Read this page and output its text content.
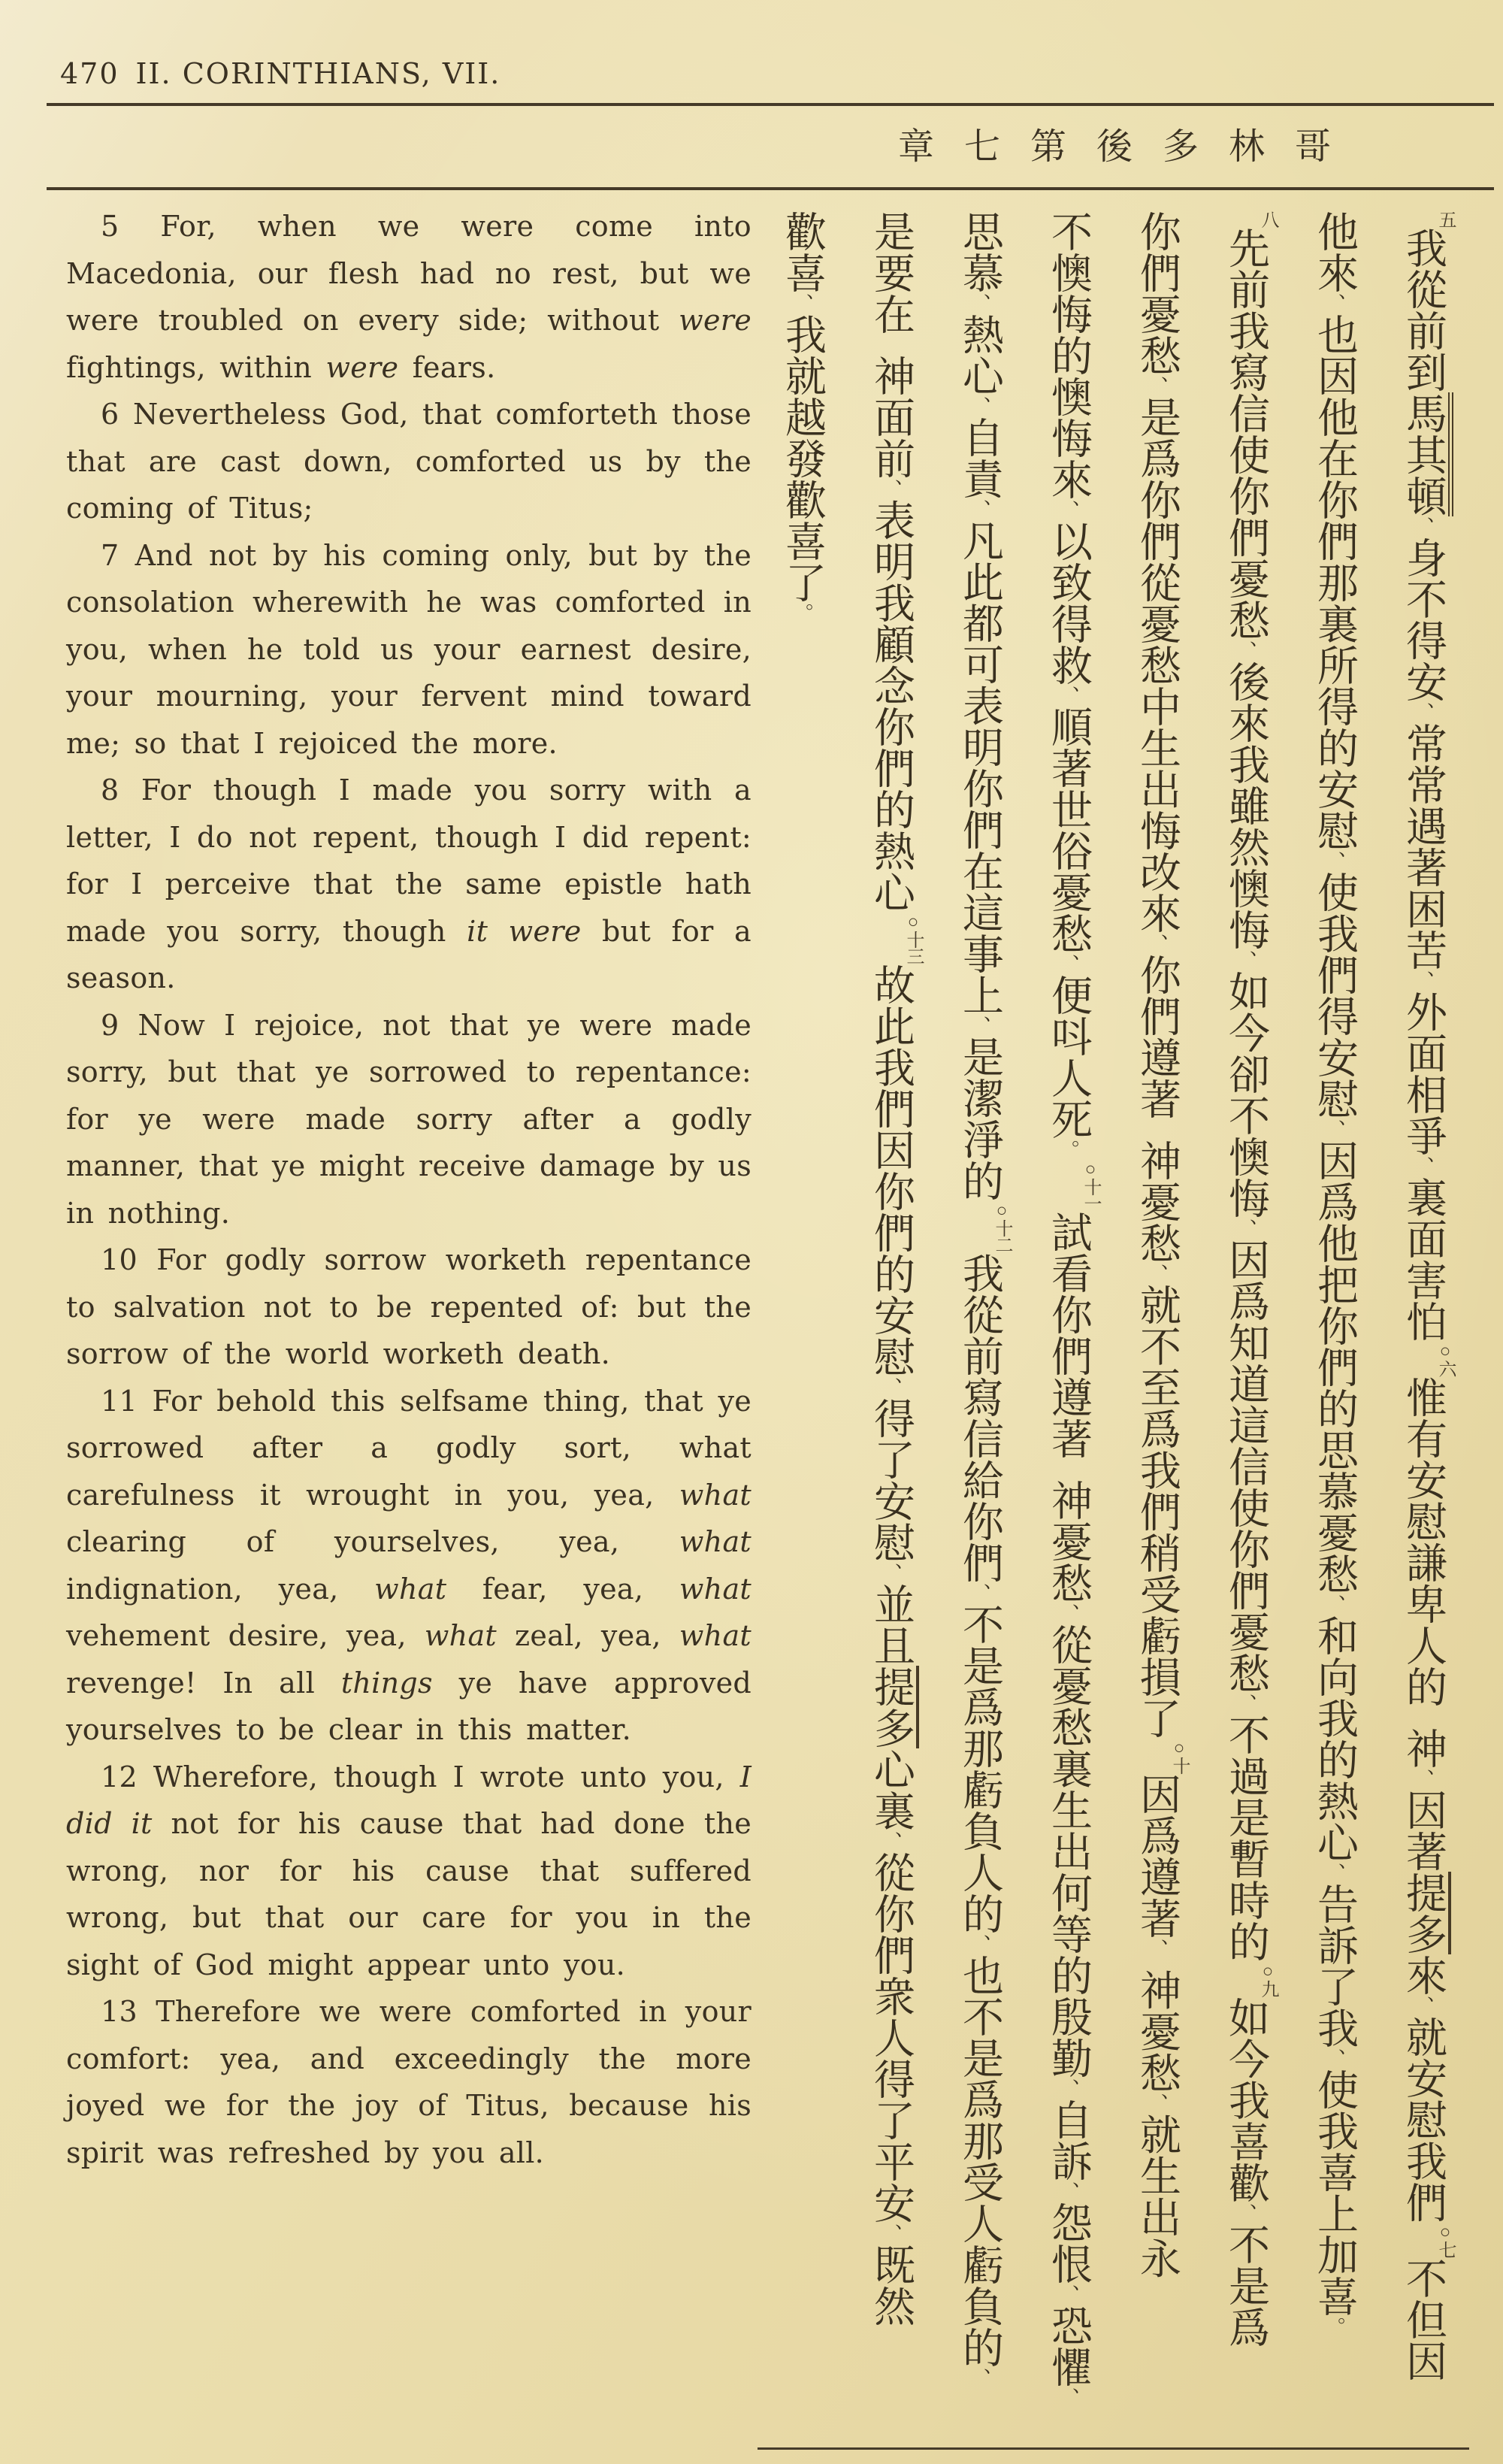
470 II. CORINTHIANS, VII.
章七第後多林哥

5 For, when we were come into Macedonia, our flesh had no rest, but we were troubled on every side; without were fightings, within were fears.

6 Nevertheless God, that comforteth those that are cast down, comforted us by the coming of Titus;

7 And not by his coming only, but by the consolation wherewith he was comforted in you, when he told us your earnest desire, your mourning, your fervent mind toward me; so that I rejoiced the more.

8 For though I made you sorry with a letter, I do not repent, though I did repent: for I perceive that the same epistle hath made you sorry, though it were but for a season.

9 Now I rejoice, not that ye were made sorry, but that ye sorrowed to repentance: for ye were made sorry after a godly manner, that ye might receive damage by us in nothing.

10 For godly sorrow worketh repentance to salvation not to be repented of: but the sorrow of the world worketh death.

11 For behold this selfsame thing, that ye sorrowed after a godly sort, what carefulness it wrought in you, yea, what clearing of yourselves, yea, what indignation, yea, what fear, yea, what vehement desire, yea, what zeal, yea, what revenge! In all things ye have approved yourselves to be clear in this matter.

12 Wherefore, though I wrote unto you, I did it not for his cause that had done the wrong, nor for his cause that suffered wrong, but that our care for you in the sight of God might appear unto you.

13 Therefore we were comforted in your comfort: yea, and exceedingly the more joyed we for the joy of Titus, because his spirit was refreshed by you all.

五我從前到馬其頓、身不得安、常常遇著困苦、外面相爭、裏面害怕○六惟有安慰謙卑人的　神、因著提多來、就安慰我們○七不但因
他來、也因他在你們那裏所得的安慰、使我們得安慰、因爲他把你們的思慕憂愁、和向我的熱心、告訴了我、使我喜上加喜。
八先前我寫信使你們憂愁、後來我雖然懊悔、如今卻不懊悔、因爲知道這信使你們憂愁、不過是暫時的○九如今我喜歡、不是爲
你們憂愁、是爲你們從憂愁中生出悔改來、你們遵著　神憂愁、就不至爲我們稍受虧損了○十因爲遵著、　神憂愁、就生出永
不懊悔的懊悔來、以致得救、順著世俗憂愁、便呌人死。○十一試看你們遵著　神憂愁、從憂愁裏生出何等的殷勤、自訴、怨恨、恐懼、
思慕、熱心、自責、凡此都可表明你們在這事上、是潔淨的○十二我從前寫信給你們、不是爲那虧負人的、也不是爲那受人虧負的、
是要在　神面前、表明我顧念你們的熱心○十三故此我們因你們的安慰、得了安慰、並且提多心裏、從你們衆人得了平安、既然
歡喜、我就越發歡喜了。
